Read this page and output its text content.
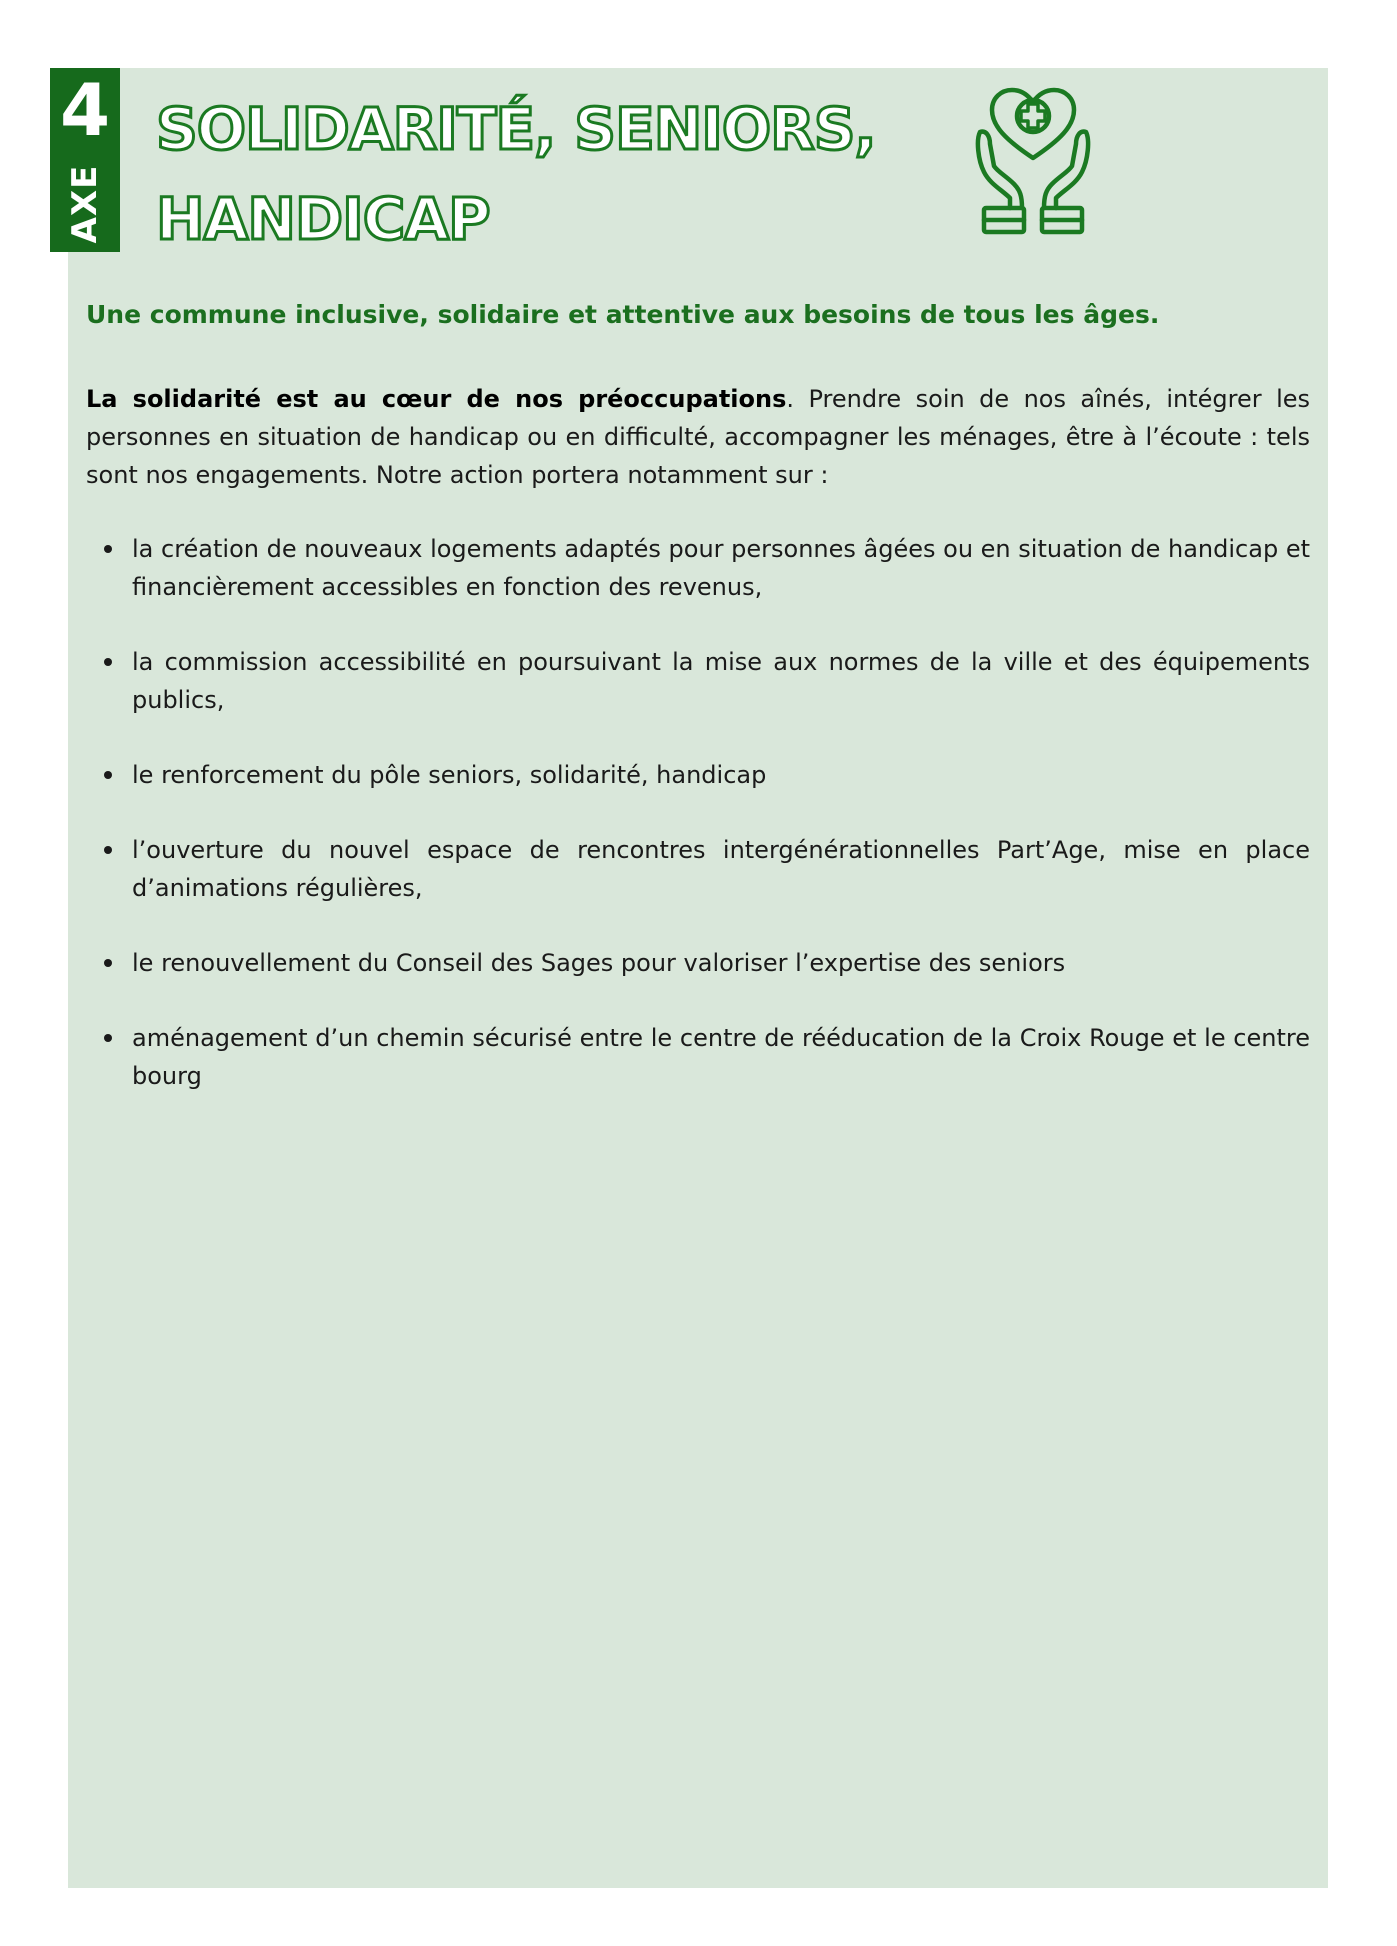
4
AXE
SOLIDARITÉ, SENIORS,
HANDICAP
Une commune inclusive, solidaire et attentive aux besoins de tous les âges.

La solidarité est au cœur de nos préoccupations. Prendre soin de nos aînés, intégrer les personnes en situation de handicap ou en difficulté, accompagner les ménages, être à l’écoute : tels sont nos engagements. Notre action portera notamment sur :

la création de nouveaux logements adaptés pour personnes âgées ou en situation de handicap et financièrement accessibles en fonction des revenus,
la commission accessibilité en poursuivant la mise aux normes de la ville et des équipements publics,
le renforcement du pôle seniors, solidarité, handicap
l’ouverture du nouvel espace de rencontres intergénérationnelles Part’Age, mise en place d’animations régulières,
le renouvellement du Conseil des Sages pour valoriser l’expertise des seniors
aménagement d’un chemin sécurisé entre le centre de rééducation de la Croix Rouge et le centre bourg
